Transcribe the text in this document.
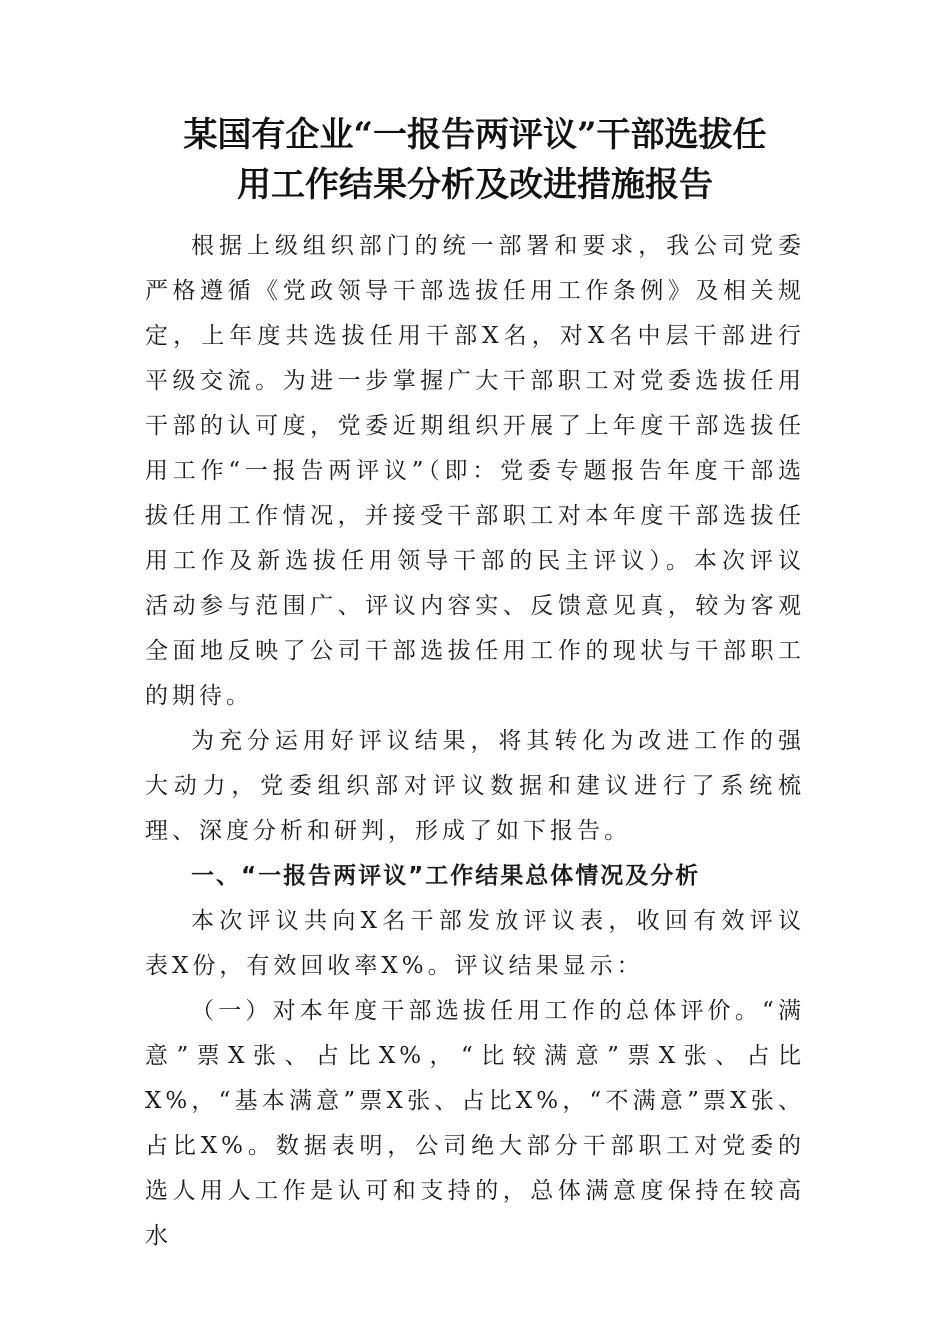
某国有企业“一报告两评议”干部选拔任
用工作结果分析及改进措施报告

根据上级组织部门的统一部署和要求，我公司党委严格遵循《党政领导干部选拔任用工作条例》及相关规定，上年度共选拔任用干部X名，对X名中层干部进行平级交流。为进一步掌握广大干部职工对党委选拔任用干部的认可度，党委近期组织开展了上年度干部选拔任用工作“一报告两评议”（即：党委专题报告年度干部选拔任用工作情况，并接受干部职工对本年度干部选拔任用工作及新选拔任用领导干部的民主评议）。本次评议活动参与范围广、评议内容实、反馈意见真，较为客观全面地反映了公司干部选拔任用工作的现状与干部职工的期待。

为充分运用好评议结果，将其转化为改进工作的强大动力，党委组织部对评议数据和建议进行了系统梳理、深度分析和研判，形成了如下报告。

一、“一报告两评议”工作结果总体情况及分析

本次评议共向X名干部发放评议表，收回有效评议表X份，有效回收率X%。评议结果显示：

（一）对本年度干部选拔任用工作的总体评价。“满意”票X张、占比X%，“比较满意”票X张、占比X%，“基本满意”票X张、占比X%，“不满意”票X张、占比X%。数据表明，公司绝大部分干部职工对党委的选人用人工作是认可和支持的，总体满意度保持在较高水
